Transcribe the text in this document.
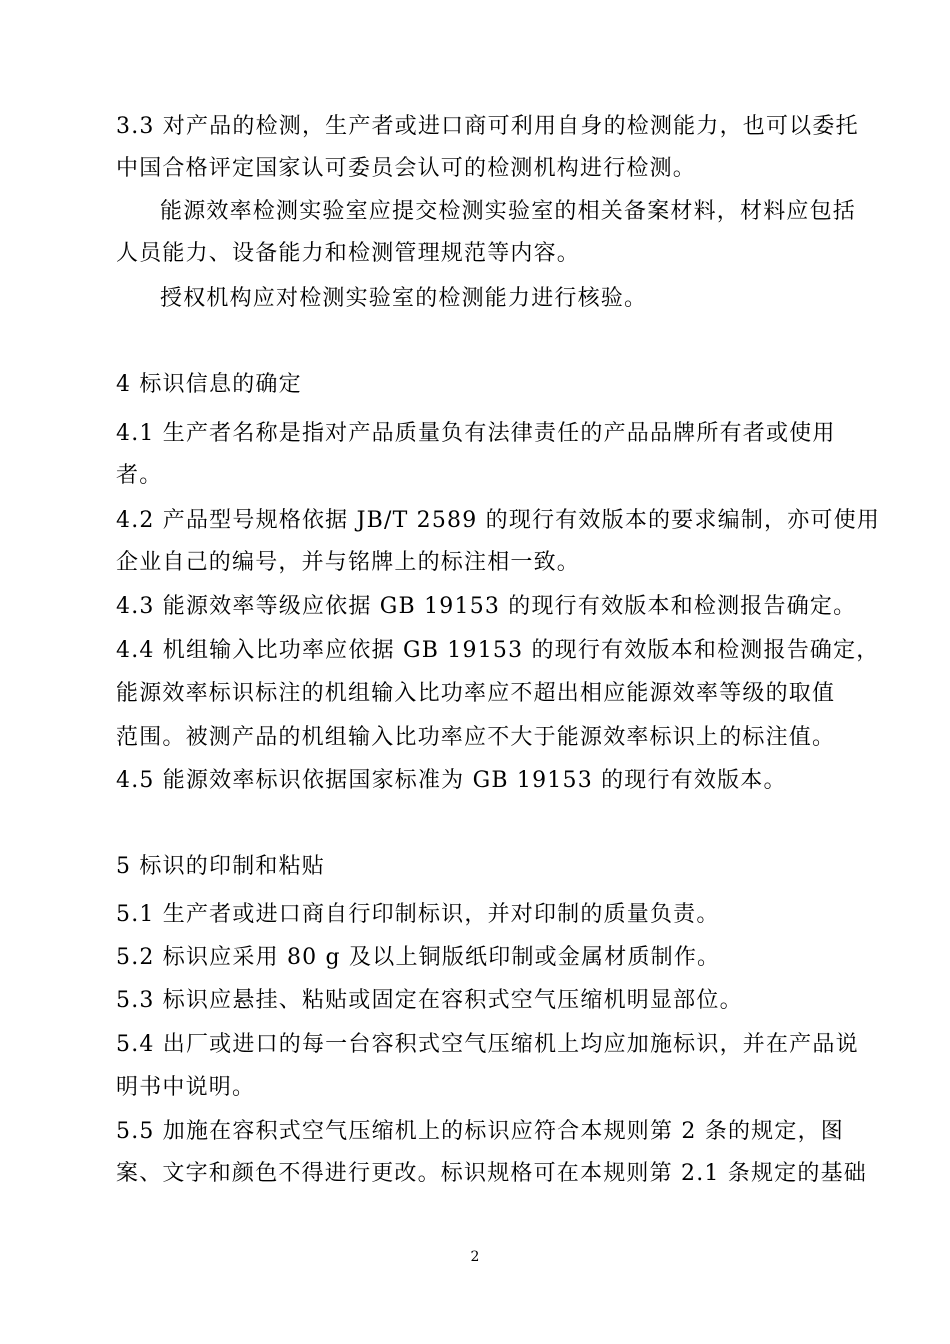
3.3 对产品的检测，生产者或进口商可利用自身的检测能力，也可以委托
中国合格评定国家认可委员会认可的检测机构进行检测。
能源效率检测实验室应提交检测实验室的相关备案材料，材料应包括
人员能力、设备能力和检测管理规范等内容。
授权机构应对检测实验室的检测能力进行核验。
4 标识信息的确定
4.1 生产者名称是指对产品质量负有法律责任的产品品牌所有者或使用
者。
4.2 产品型号规格依据 JB/T 2589 的现行有效版本的要求编制，亦可使用
企业自己的编号，并与铭牌上的标注相一致。
4.3 能源效率等级应依据 GB 19153 的现行有效版本和检测报告确定。
4.4 机组输入比功率应依据 GB 19153 的现行有效版本和检测报告确定，
能源效率标识标注的机组输入比功率应不超出相应能源效率等级的取值
范围。被测产品的机组输入比功率应不大于能源效率标识上的标注值。
4.5 能源效率标识依据国家标准为 GB 19153 的现行有效版本。
5 标识的印制和粘贴
5.1 生产者或进口商自行印制标识，并对印制的质量负责。
5.2 标识应采用 80 g 及以上铜版纸印制或金属材质制作。
5.3 标识应悬挂、粘贴或固定在容积式空气压缩机明显部位。
5.4 出厂或进口的每一台容积式空气压缩机上均应加施标识，并在产品说
明书中说明。
5.5 加施在容积式空气压缩机上的标识应符合本规则第 2 条的规定，图
案、文字和颜色不得进行更改。标识规格可在本规则第 2.1 条规定的基础
2
